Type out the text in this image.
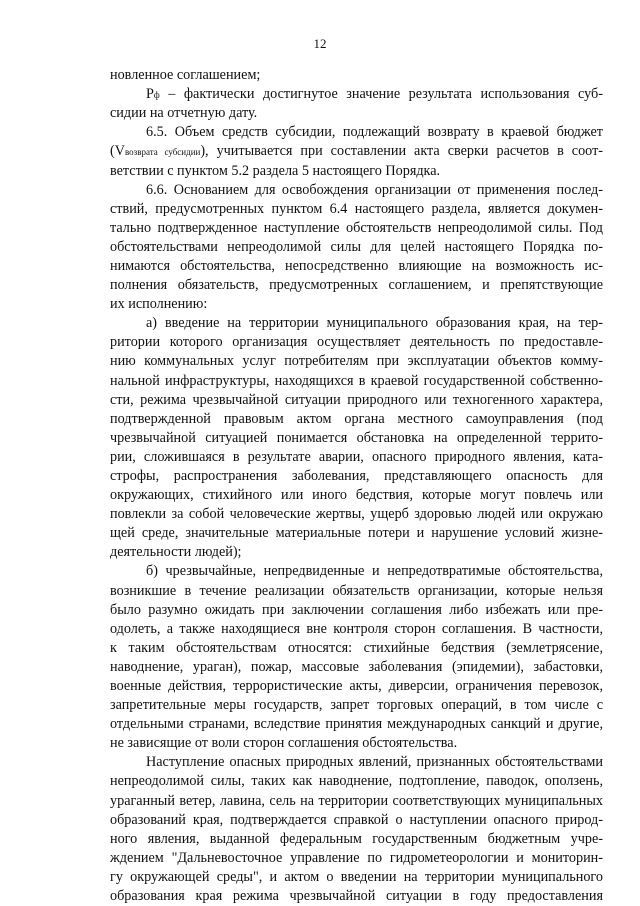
12
новленное соглашением;
Pф – фактически достигнутое значение результата использования суб-
сидии на отчетную дату.
6.5. Объем средств субсидии, подлежащий возврату в краевой бюджет
(Vвозврата субсидии), учитывается при составлении акта сверки расчетов в соот-
ветствии с пунктом 5.2 раздела 5 настоящего Порядка.
6.6. Основанием для освобождения организации от применения послед-
ствий, предусмотренных пунктом 6.4 настоящего раздела, является докумен-
тально подтвержденное наступление обстоятельств непреодолимой силы. Под
обстоятельствами непреодолимой силы для целей настоящего Порядка по-
нимаются обстоятельства, непосредственно влияющие на возможность ис-
полнения обязательств, предусмотренных соглашением, и препятствующие
их исполнению:
а) введение на территории муниципального образования края, на тер-
ритории которого организация осуществляет деятельность по предоставле-
нию коммунальных услуг потребителям при эксплуатации объектов комму-
нальной инфраструктуры, находящихся в краевой государственной собственно-
сти, режима чрезвычайной ситуации природного или техногенного характера,
подтвержденной правовым актом органа местного самоуправления (под
чрезвычайной ситуацией понимается обстановка на определенной террито-
рии, сложившаяся в результате аварии, опасного природного явления, ката-
строфы, распространения заболевания, представляющего опасность для
окружающих, стихийного или иного бедствия, которые могут повлечь или
повлекли за собой человеческие жертвы, ущерб здоровью людей или окружаю
щей среде, значительные материальные потери и нарушение условий жизне-
деятельности людей);
б) чрезвычайные, непредвиденные и непредотвратимые обстоятельства,
возникшие в течение реализации обязательств организации, которые нельзя
было разумно ожидать при заключении соглашения либо избежать или пре-
одолеть, а также находящиеся вне контроля сторон соглашения. В частности,
к таким обстоятельствам относятся: стихийные бедствия (землетрясение,
наводнение, ураган), пожар, массовые заболевания (эпидемии), забастовки,
военные действия, террористические акты, диверсии, ограничения перевозок,
запретительные меры государств, запрет торговых операций, в том числе с
отдельными странами, вследствие принятия международных санкций и другие,
не зависящие от воли сторон соглашения обстоятельства.
Наступление опасных природных явлений, признанных обстоятельствами
непреодолимой силы, таких как наводнение, подтопление, паводок, оползень,
ураганный ветер, лавина, сель на территории соответствующих муниципальных
образований края, подтверждается справкой о наступлении опасного природ-
ного явления, выданной федеральным государственным бюджетным учре-
ждением "Дальневосточное управление по гидрометеорологии и мониторин-
гу окружающей среды", и актом о введении на территории муниципального
образования края режима чрезвычайной ситуации в году предоставления
